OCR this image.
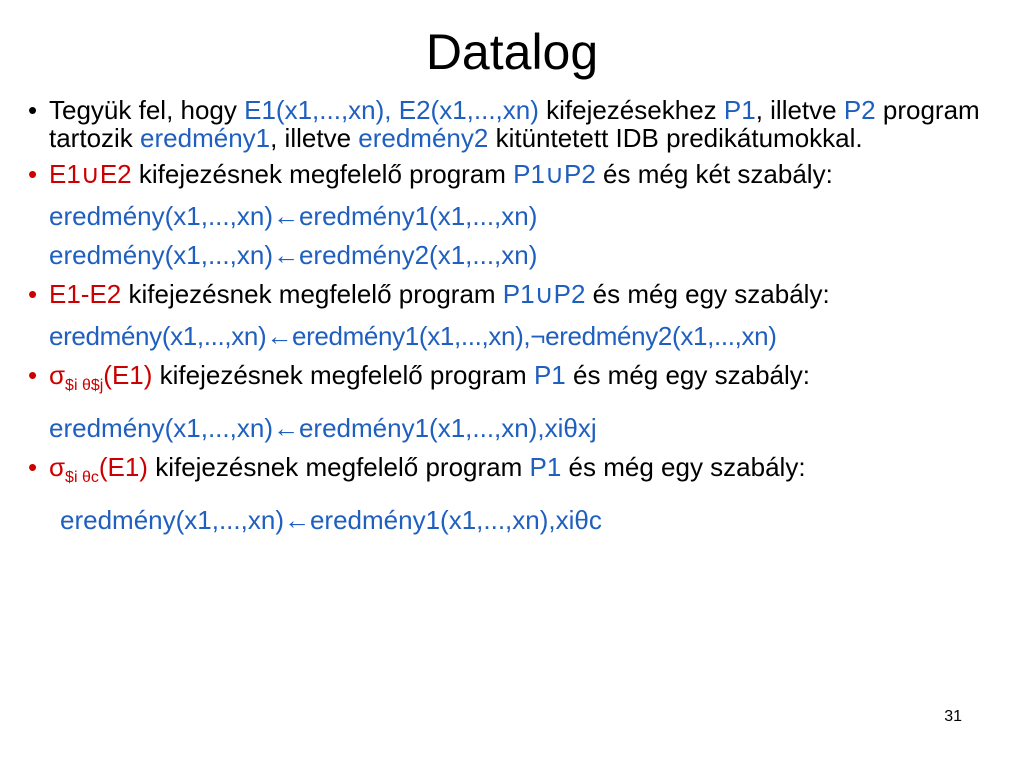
Datalog
• Tegyük fel, hogy E1(x1,...,xn), E2(x1,...,xn) kifejezésekhez P1, illetve P2 program tartozik eredmény1, illetve eredmény2 kitüntetett IDB predikátumokkal.
• E1∪E2 kifejezésnek megfelelő program P1∪P2 és még két szabály:
eredmény(x1,...,xn)←eredmény1(x1,...,xn)
eredmény(x1,...,xn)←eredmény2(x1,...,xn)
• E1-E2 kifejezésnek megfelelő program P1∪P2 és még egy szabály:
eredmény(x1,...,xn)←eredmény1(x1,...,xn),¬eredmény2(x1,...,xn)
• $\sigma_{\$i \theta\$j}(E1)$ kifejezésnek megfelelő program P1 és még egy szabály:
eredmény(x1,...,xn)←eredmény1(x1,...,xn),xiθxj
• $\sigma_{\$i \theta c}(E1)$ kifejezésnek megfelelő program P1 és még egy szabály:
eredmény(x1,...,xn)←eredmény1(x1,...,xn),xiθc
31
